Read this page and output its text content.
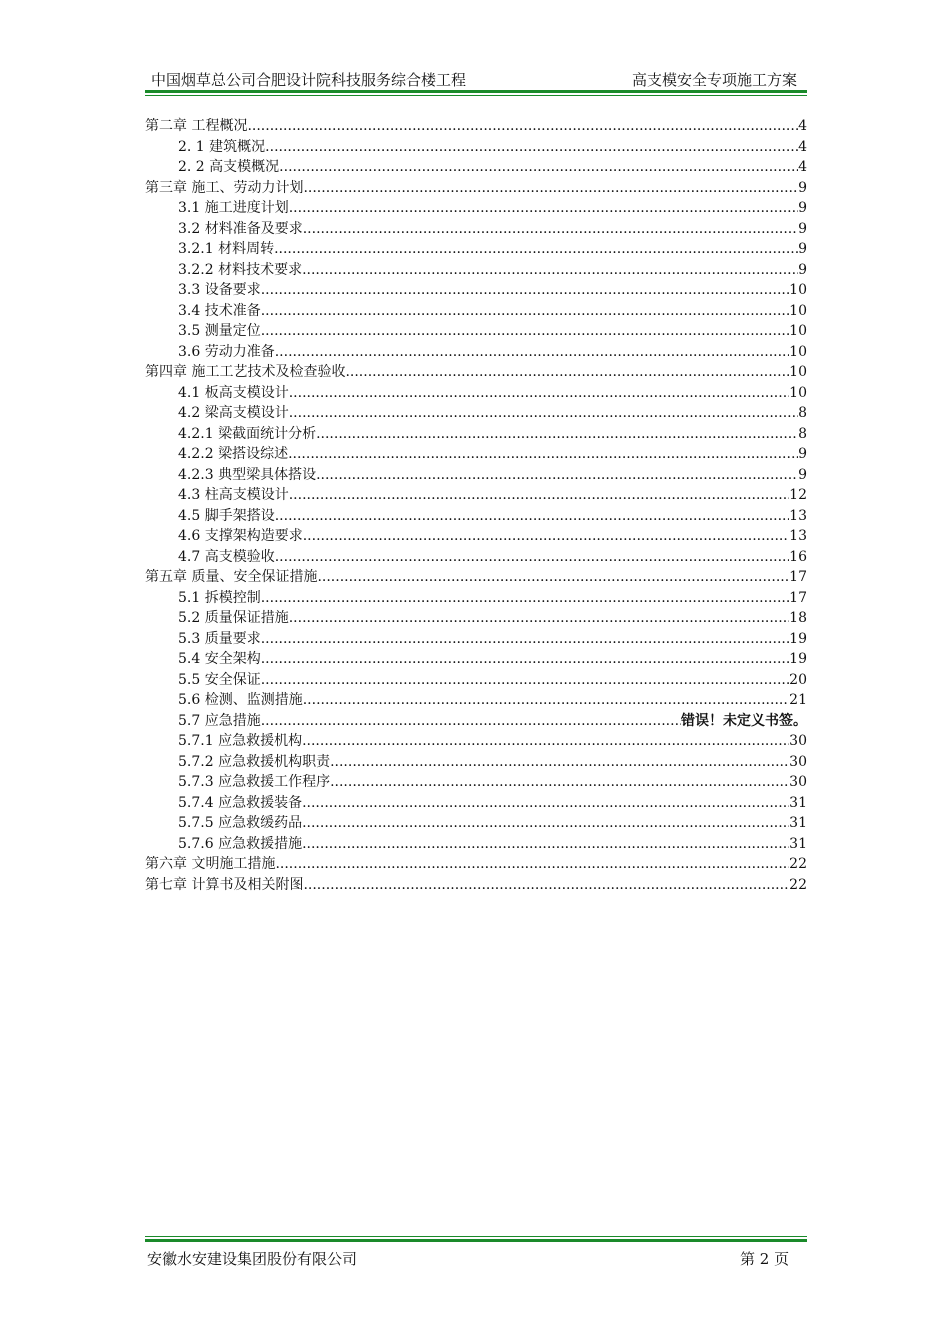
中国烟草总公司合肥设计院科技服务综合楼工程	高支模安全专项施工方案
第二章 工程概况 .....	4
2. 1 建筑概况 .....	4
2. 2 高支模概况 .....	4
第三章 施工、劳动力计划 .....	9
3.1 施工进度计划 .....	9
3.2 材料准备及要求 .....	9
3.2.1 材料周转 .....	9
3.2.2 材料技术要求 .....	9
3.3 设备要求 .....	10
3.4 技术准备 .....	10
3.5 测量定位 .....	10
3.6 劳动力准备 .....	10
第四章 施工工艺技术及检查验收 .....	10
4.1 板高支模设计 .....	10
4.2 梁高支模设计 .....	8
4.2.1 梁截面统计分析 .....	8
4.2.2 梁搭设综述 .....	9
4.2.3 典型梁具体搭设 .....	9
4.3 柱高支模设计 .....	12
4.5 脚手架搭设 .....	13
4.6 支撑架构造要求 .....	13
4.7 高支模验收 .....	16
第五章 质量、安全保证措施 .....	17
5.1 拆模控制 .....	17
5.2 质量保证措施 .....	18
5.3 质量要求 .....	19
5.4 安全架构 .....	19
5.5 安全保证 .....	20
5.6 检测、监测措施 .....	21
5.7 应急措施 .....	错误！未定义书签。
5.7.1 应急救援机构 .....	30
5.7.2 应急救援机构职责 .....	30
5.7.3 应急救援工作程序 .....	30
5.7.4 应急救援装备 .....	31
5.7.5 应急救缓药品 .....	31
5.7.6 应急救援措施 .....	31
第六章 文明施工措施 .....	22
第七章 计算书及相关附图 .....	22
安徽水安建设集团股份有限公司	第 2 页
